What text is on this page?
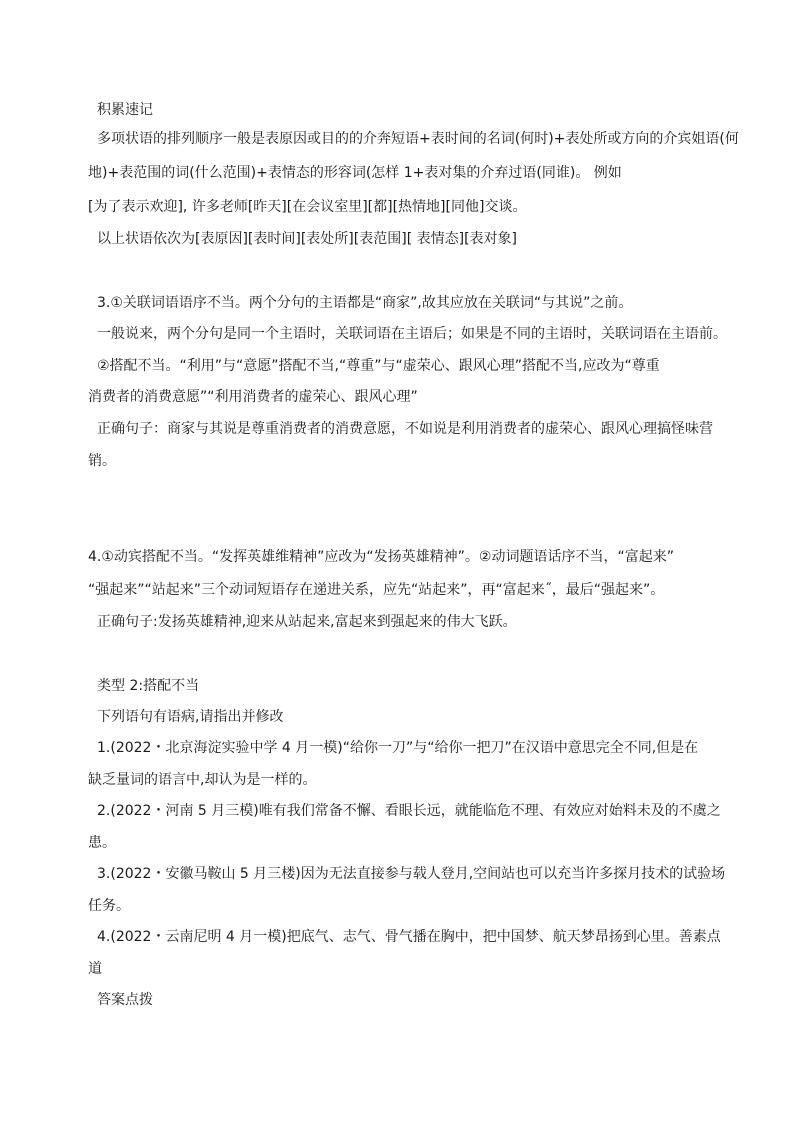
积累速记
多项状语的排列顺序一般是表原因或目的的介奔短语+表时间的名词(何时)+表处所或方向的介宾姐语(何
地)+表范围的词(什么范围)+表情态的形容词(怎样 1+表对集的介弃过语(同谁)。 例如
[为了表示欢迎], 许多老师[昨天][在会议室里][都][热情地][同他]交谈。
以上状语依次为[表原因][表时间][表处所][表范围][ 表情态][表对象]
3.①关联词语语序不当。两个分句的主语都是“商家”,故其应放在关联词“与其说”之前。
一般说来，两个分句是同一个主语时，关联词语在主语后；如果是不同的主语时，关联词语在主语前。
②搭配不当。“利用”与“意愿”搭配不当,“尊重”与“虚荣心、跟风心理”搭配不当,应改为“尊重
消费者的消费意愿”“利用消费者的虚荣心、跟风心理”
正确句子：商家与其说是尊重消费者的消费意愿，不如说是利用消费者的虚荣心、跟风心理搞怪味营
销。
4.①动宾搭配不当。“发挥英雄维精神”应改为“发扬英雄精神”。②动词题语话序不当，“富起来”
“强起来”“站起来”三个动词短语存在递进关系，应先“站起来”，再“富起来˝，最后“强起来”。
正确句子:发扬英雄精神,迎来从站起来,富起来到强起来的伟大飞跃。
类型 2:搭配不当
下列语句有语病,请指出并修改
1.(2022・北京海淀实验中学 4 月一模)“给你一刀”与“给你一把刀”在汉语中意思完全不同,但是在
缺乏量词的语言中,却认为是一样的。
2.(2022・河南 5 月三模)唯有我们常备不懈、看眼长远，就能临危不理、有效应对始料未及的不虞之
患。
3.(2022・安徽马鞍山 5 月三楼)因为无法直接参与载人登月,空间站也可以充当许多探月技术的试验场
任务。
4.(2022・云南尼明 4 月一模)把底气、志气、骨气播在胸中，把中国梦、航天梦昂扬到心里。善素点
道
答案点拨
